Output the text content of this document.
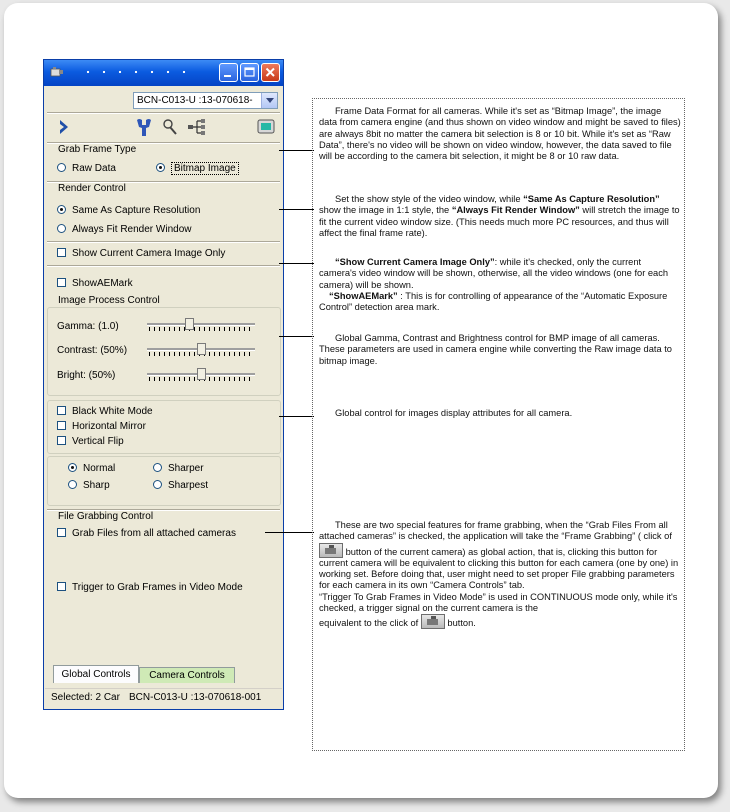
BCN-C013-U :13-070618-
Grab Frame Type
Raw Data	Bitmap Image
Render Control
Same As Capture Resolution
Always Fit Render Window
Show Current Camera Image Only
ShowAEMark
Image Process Control
Gamma: (1.0)
Contrast: (50%)
Bright: (50%)
Black White Mode
Horizontal Mirror
Vertical Flip
Normal	Sharper
Sharp	Sharpest
File Grabbing Control
Grab Files from all attached cameras
Trigger to Grab Frames in Video Mode
Global Controls	Camera Controls
Selected: 2 Car BCN-C013-U :13-070618-001
Frame Data Format for all cameras. While it's set as “Bitmap Image”, the image data from camera engine (and thus shown on video window and might be saved to files) are always 8bit no matter the camera bit selection is 8 or 10 bit. While it's set as “Raw Data”, there's no video will be shown on video window, however, the data saved to file will be according to the camera bit selection, it might be 8 or 10 raw data.
Set the show style of the video window, while “Same As Capture Resolution” show the image in 1:1 style, the “Always Fit Render Window” will stretch the image to fit the current video window size. (This needs much more PC resources, and thus will affect the final frame rate).
“Show Current Camera Image Only”: while it's checked, only the current camera's video window will be shown, otherwise, all the video windows (one for each camera) will be shown.
“ShowAEMark” : This is for controlling of appearance of the “Automatic Exposure Control” detection area mark.
Global Gamma, Contrast and Brightness control for BMP image of all cameras. These parameters are used in camera engine while converting the Raw image data to bitmap image.
Global control for images display attributes for all camera.
These are two special features for frame grabbing, when the “Grab Files From all attached cameras” is checked, the application will take the “Frame Grabbing” ( click of  button of the current camera) as global action, that is, clicking this button for current camera will be equivalent to clicking this button for each camera (one by one) in working set. Before doing that, user might need to set proper File grabbing parameters for each camera in its own “Camera Controls” tab.
“Trigger To Grab Frames in Video Mode” is used in CONTINUOUS mode only, while it's checked, a trigger signal on the current camera is the
equivalent to the click of	button.
